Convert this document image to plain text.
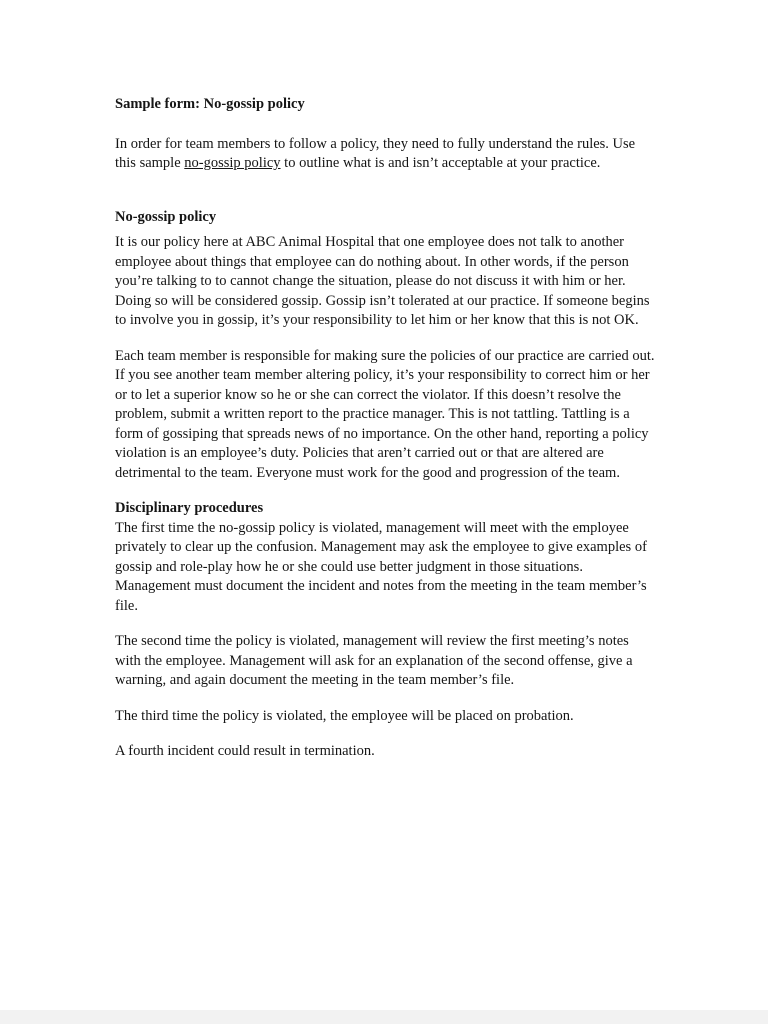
Sample form: No-gossip policy

In order for team members to follow a policy, they need to fully understand the rules. Use this sample no-gossip policy to outline what is and isn’t acceptable at your practice.

No-gossip policy

It is our policy here at ABC Animal Hospital that one employee does not talk to another employee about things that employee can do nothing about. In other words, if the person you’re talking to to cannot change the situation, please do not discuss it with him or her. Doing so will be considered gossip. Gossip isn’t tolerated at our practice. If someone begins to involve you in gossip, it’s your responsibility to let him or her know that this is not OK.

Each team member is responsible for making sure the policies of our practice are carried out. If you see another team member altering policy, it’s your responsibility to correct him or her or to let a superior know so he or she can correct the violator. If this doesn’t resolve the problem, submit a written report to the practice manager. This is not tattling. Tattling is a form of gossiping that spreads news of no importance. On the other hand, reporting a policy violation is an employee’s duty. Policies that aren’t carried out or that are altered are detrimental to the team. Everyone must work for the good and progression of the team.

Disciplinary procedures

The first time the no-gossip policy is violated, management will meet with the employee privately to clear up the confusion. Management may ask the employee to give examples of gossip and role-play how he or she could use better judgment in those situations. Management must document the incident and notes from the meeting in the team member’s file.

The second time the policy is violated, management will review the first meeting’s notes with the employee. Management will ask for an explanation of the second offense, give a warning, and again document the meeting in the team member’s file.

The third time the policy is violated, the employee will be placed on probation.

A fourth incident could result in termination.
